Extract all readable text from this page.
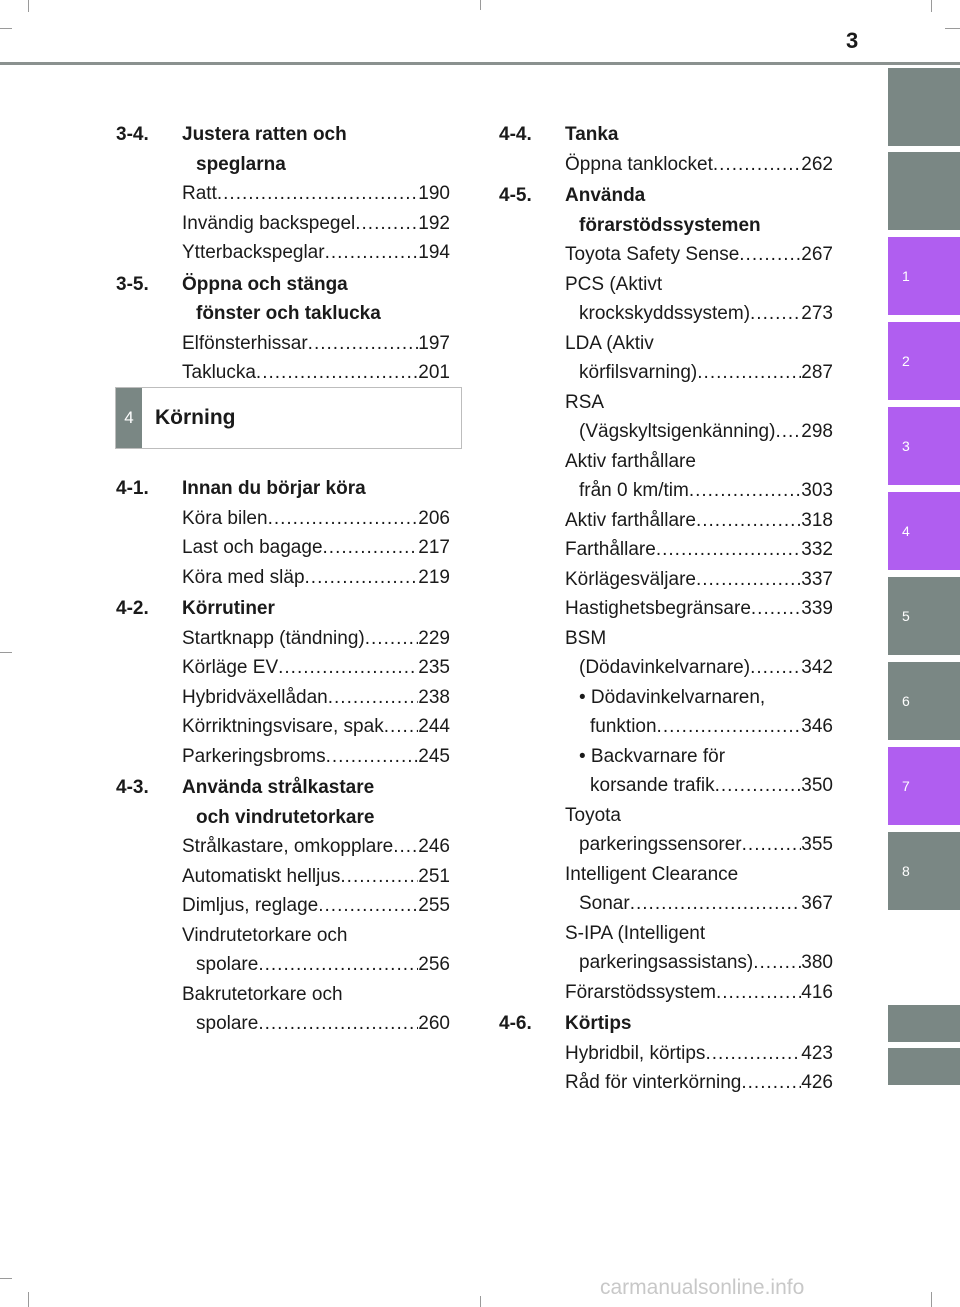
3
1
2
3
4
5
6
7
8
3-4. Justera ratten och
speglarna
Ratt .....	190
Invändig backspegel .....	192
Ytterbackspeglar .....	194
3-5. Öppna och stänga
fönster och taklucka
Elfönsterhissar .....	197
Taklucka .....	201
4	Körning
4-1. Innan du börjar köra
Köra bilen .....	206
Last och bagage .....	217
Köra med släp .....	219
4-2. Körrutiner
Startknapp (tändning) .....	229
Körläge EV .....	235
Hybridväxellådan .....	238
Körriktningsvisare, spak ..... 244
Parkeringsbroms .....	245
4-3. Använda strålkastare
och vindrutetorkare
Strålkastare, omkopplare ..... 246
Automatiskt helljus .....	251
Dimljus, reglage .....	255
Vindrutetorkare och
spolare .....	256
Bakrutetorkare och
spolare .....	260
4-4. Tanka
Öppna tanklocket .....	262
4-5. Använda
förarstödssystemen
Toyota Safety Sense .....	267
PCS (Aktivt
krockskyddssystem) .....	273
LDA (Aktiv
körfilsvarning) .....	287
RSA
(Vägskyltsigenkänning) ..... 298
Aktiv farthållare
från 0 km/tim .....	303
Aktiv farthållare .....	318
Farthållare .....	332
Körlägesväljare .....	337
Hastighetsbegränsare .....	339
BSM
(Dödavinkelvarnare) .....	342
• Dödavinkelvarnaren,
funktion .....	346
• Backvarnare för
korsande trafik .....	350
Toyota
parkeringssensorer .....	355
Intelligent Clearance
Sonar .....	367
S-IPA (Intelligent
parkeringsassistans) .....	380
Förarstödssystem .....	416
4-6. Körtips
Hybridbil, körtips .....	423
Råd för vinterkörning .....	426
carmanualsonline.info
